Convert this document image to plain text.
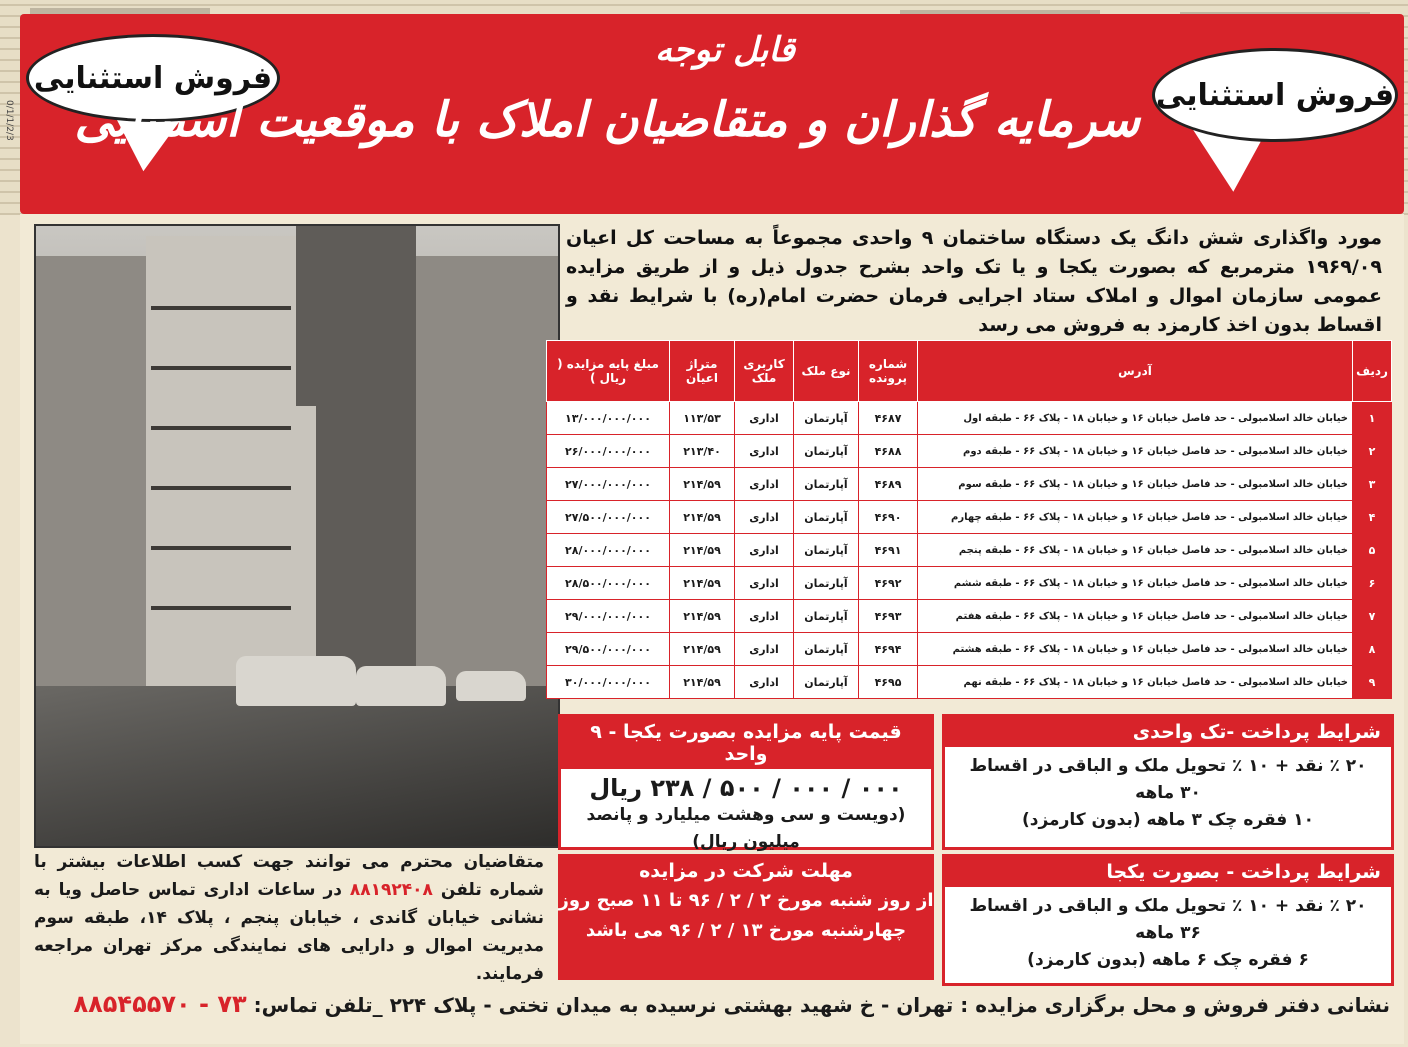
فروش استثنایی	فروش استثنایی
قابل توجه
سرمایه گذاران و متقاضیان املاک با موقعیت استثنایی
0/1/1/2/3
مورد واگذاری شش دانگ یک دستگاه ساختمان ۹ واحدی مجموعاً به مساحت کل اعیان ۱۹۶۹/۰۹ مترمربع که بصورت یکجا و یا تک واحد بشرح جدول ذیل و از طریق مزایده عمومی سازمان اموال و املاک ستاد اجرایی فرمان حضرت امام(ره) با شرایط نقد و اقساط بدون اخذ کارمزد به فروش می رسد
ردیف	آدرس	شماره پرونده	نوع ملک	کاربری ملک	متراژ اعیان	مبلغ پایه مزایده ( ریال )
۱	خیابان خالد اسلامبولی - حد فاصل خیابان ۱۶ و خیابان ۱۸ - پلاک ۶۶ - طبقه اول	۴۶۸۷	آپارتمان	اداری	۱۱۳/۵۳	۱۳/۰۰۰/۰۰۰/۰۰۰
۲	خیابان خالد اسلامبولی - حد فاصل خیابان ۱۶ و خیابان ۱۸ - پلاک ۶۶ - طبقه دوم	۴۶۸۸	آپارتمان	اداری	۲۱۳/۴۰	۲۶/۰۰۰/۰۰۰/۰۰۰
۳	خیابان خالد اسلامبولی - حد فاصل خیابان ۱۶ و خیابان ۱۸ - پلاک ۶۶ - طبقه سوم	۴۶۸۹	آپارتمان	اداری	۲۱۴/۵۹	۲۷/۰۰۰/۰۰۰/۰۰۰
۴	خیابان خالد اسلامبولی - حد فاصل خیابان ۱۶ و خیابان ۱۸ - پلاک ۶۶ - طبقه چهارم	۴۶۹۰	آپارتمان	اداری	۲۱۴/۵۹	۲۷/۵۰۰/۰۰۰/۰۰۰
۵	خیابان خالد اسلامبولی - حد فاصل خیابان ۱۶ و خیابان ۱۸ - پلاک ۶۶ - طبقه پنجم	۴۶۹۱	آپارتمان	اداری	۲۱۴/۵۹	۲۸/۰۰۰/۰۰۰/۰۰۰
۶	خیابان خالد اسلامبولی - حد فاصل خیابان ۱۶ و خیابان ۱۸ - پلاک ۶۶ - طبقه ششم	۴۶۹۲	آپارتمان	اداری	۲۱۴/۵۹	۲۸/۵۰۰/۰۰۰/۰۰۰
۷	خیابان خالد اسلامبولی - حد فاصل خیابان ۱۶ و خیابان ۱۸ - پلاک ۶۶ - طبقه هفتم	۴۶۹۳	آپارتمان	اداری	۲۱۴/۵۹	۲۹/۰۰۰/۰۰۰/۰۰۰
۸	خیابان خالد اسلامبولی - حد فاصل خیابان ۱۶ و خیابان ۱۸ - پلاک ۶۶ - طبقه هشتم	۴۶۹۴	آپارتمان	اداری	۲۱۴/۵۹	۲۹/۵۰۰/۰۰۰/۰۰۰
۹	خیابان خالد اسلامبولی - حد فاصل خیابان ۱۶ و خیابان ۱۸ - پلاک ۶۶ - طبقه نهم	۴۶۹۵	آپارتمان	اداری	۲۱۴/۵۹	۳۰/۰۰۰/۰۰۰/۰۰۰
قیمت پایه مزایده بصورت یکجا - ۹ واحد
۰۰۰ / ۰۰۰ / ۵۰۰ / ۲۳۸ ریال
(دویست و سی وهشت میلیارد و پانصد میلیون ریال)
مهلت شرکت در مزایده
از روز شنبه مورخ ۲ / ۲ / ۹۶ تا ۱۱ صبح روز
چهارشنبه مورخ ۱۳ / ۲ / ۹۶ می باشد
شرایط پرداخت -تک واحدی
۲۰ ٪ نقد + ۱۰ ٪ تحویل ملک و الباقی در اقساط ۳۰ ماهه
۱۰ فقره چک ۳ ماهه (بدون کارمزد)
شرایط پرداخت - بصورت یکجا
۲۰ ٪ نقد + ۱۰ ٪ تحویل ملک و الباقی در اقساط ۳۶ ماهه
۶ فقره چک ۶ ماهه (بدون کارمزد)
متقاضیان محترم می توانند جهت کسب اطلاعات بیشتر با شماره تلفن ۸۸۱۹۲۴۰۸ در ساعات اداری تماس حاصل ویا به نشانی خیابان گاندی ، خیابان پنجم ، پلاک ۱۴، طبقه سوم مدیریت اموال و دارایی های نمایندگی مرکز تهران مراجعه فرمایند.
نشانی دفتر فروش و محل برگزاری مزایده : تهران - خ شهید بهشتی نرسیده به میدان تختی - پلاک ۲۲۴ _تلفن تماس: ۷۳ - ۸۸۵۴۵۵۷۰
